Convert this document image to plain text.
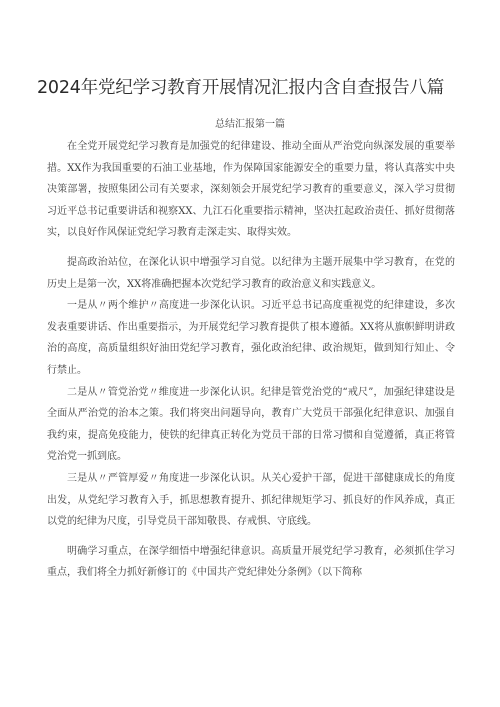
2024年党纪学习教育开展情况汇报内含自查报告八篇
总结汇报第一篇

在全党开展党纪学习教育是加强党的纪律建设、推动全面从严治党向纵深发展的重要举措。XX作为我国重要的石油工业基地，作为保障国家能源安全的重要力量，将认真落实中央决策部署，按照集团公司有关要求，深刻领会开展党纪学习教育的重要意义，深入学习贯彻习近平总书记重要讲话和视察XX、九江石化重要指示精神，坚决扛起政治责任、抓好贯彻落实，以良好作风保证党纪学习教育走深走实、取得实效。

提高政治站位，在深化认识中增强学习自觉。以纪律为主题开展集中学习教育，在党的历史上是第一次，XX将准确把握本次党纪学习教育的政治意义和实践意义。

一是从〃两个维护〃高度进一步深化认识。习近平总书记高度重视党的纪律建设，多次发表重要讲话、作出重要指示，为开展党纪学习教育提供了根本遵循。XX将从旗帜鲜明讲政治的高度，高质量组织好油田党纪学习教育，强化政治纪律、政治规矩，做到知行知止、令行禁止。

二是从〃管党治党〃维度进一步深化认识。纪律是管党治党的“戒尺”，加强纪律建设是全面从严治党的治本之策。我们将突出问题导向，教育广大党员干部强化纪律意识、加强自我约束，提高免疫能力，使铁的纪律真正转化为党员干部的日常习惯和自觉遵循，真正将管党治党一抓到底。

三是从〃严管厚爱〃角度进一步深化认识。从关心爱护干部，促进干部健康成长的角度出发，从党纪学习教育入手，抓思想教育提升、抓纪律规矩学习、抓良好的作风养成，真正以党的纪律为尺度，引导党员干部知敬畏、存戒惧、守底线。

明确学习重点，在深学细悟中增强纪律意识。高质量开展党纪学习教育，必须抓住学习重点，我们将全力抓好新修订的《中国共产党纪律处分条例》（以下简称
